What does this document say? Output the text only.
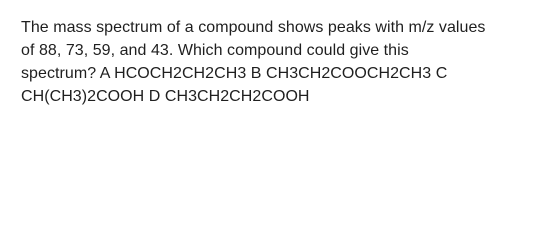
The mass spectrum of a compound shows peaks with m/z values
of 88, 73, 59, and 43. Which compound could give this
spectrum? A HCOCH2CH2CH3 B CH3CH2COOCH2CH3 C
CH(CH3)2COOH D CH3CH2CH2COOH
